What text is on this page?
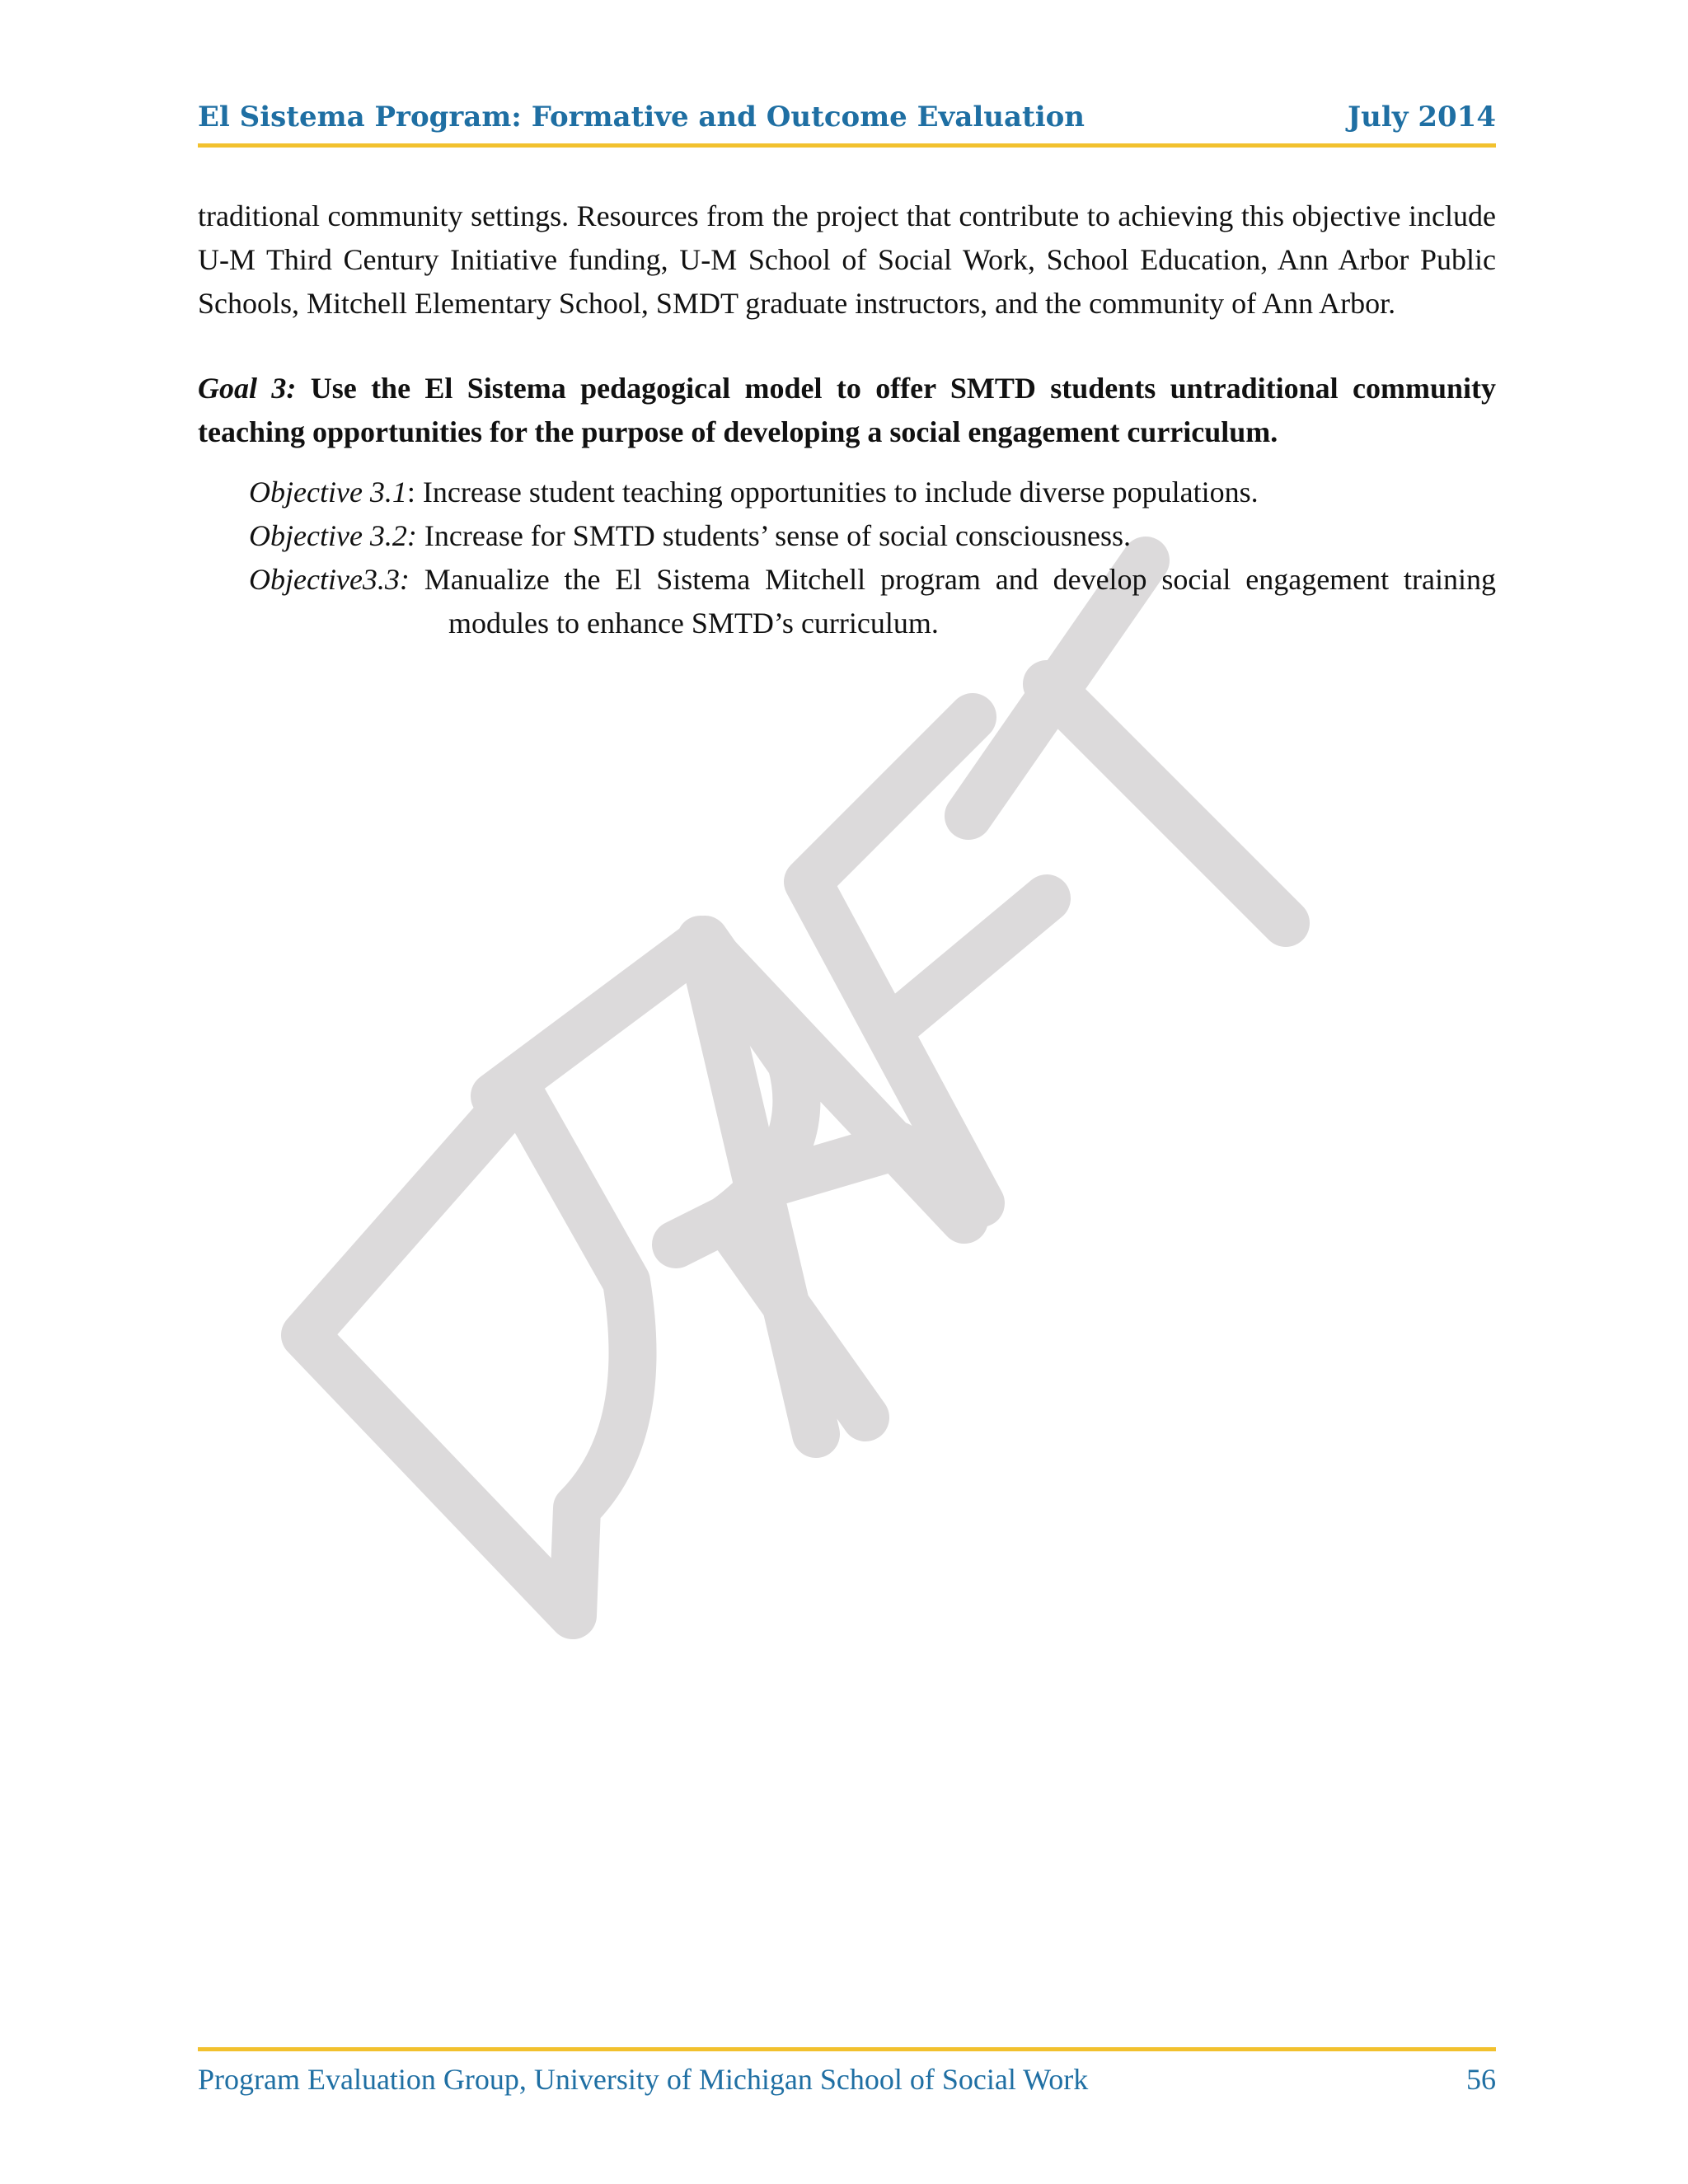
El Sistema Program: Formative and Outcome Evaluation	July 2014

traditional community settings. Resources from the project that contribute to achieving this objective include U-M Third Century Initiative funding, U-M School of Social Work, School Education, Ann Arbor Public Schools, Mitchell Elementary School, SMDT graduate instructors, and the community of Ann Arbor.

Goal 3: Use the El Sistema pedagogical model to offer SMTD students untraditional community teaching opportunities for the purpose of developing a social engagement curriculum.

Objective 3.1: Increase student teaching opportunities to include diverse populations.

Objective 3.2: Increase for SMTD students’ sense of social consciousness.

Objective3.3: Manualize the El Sistema Mitchell program and develop social engagement training modules to enhance SMTD’s curriculum.

Program Evaluation Group, University of Michigan School of Social Work	56
